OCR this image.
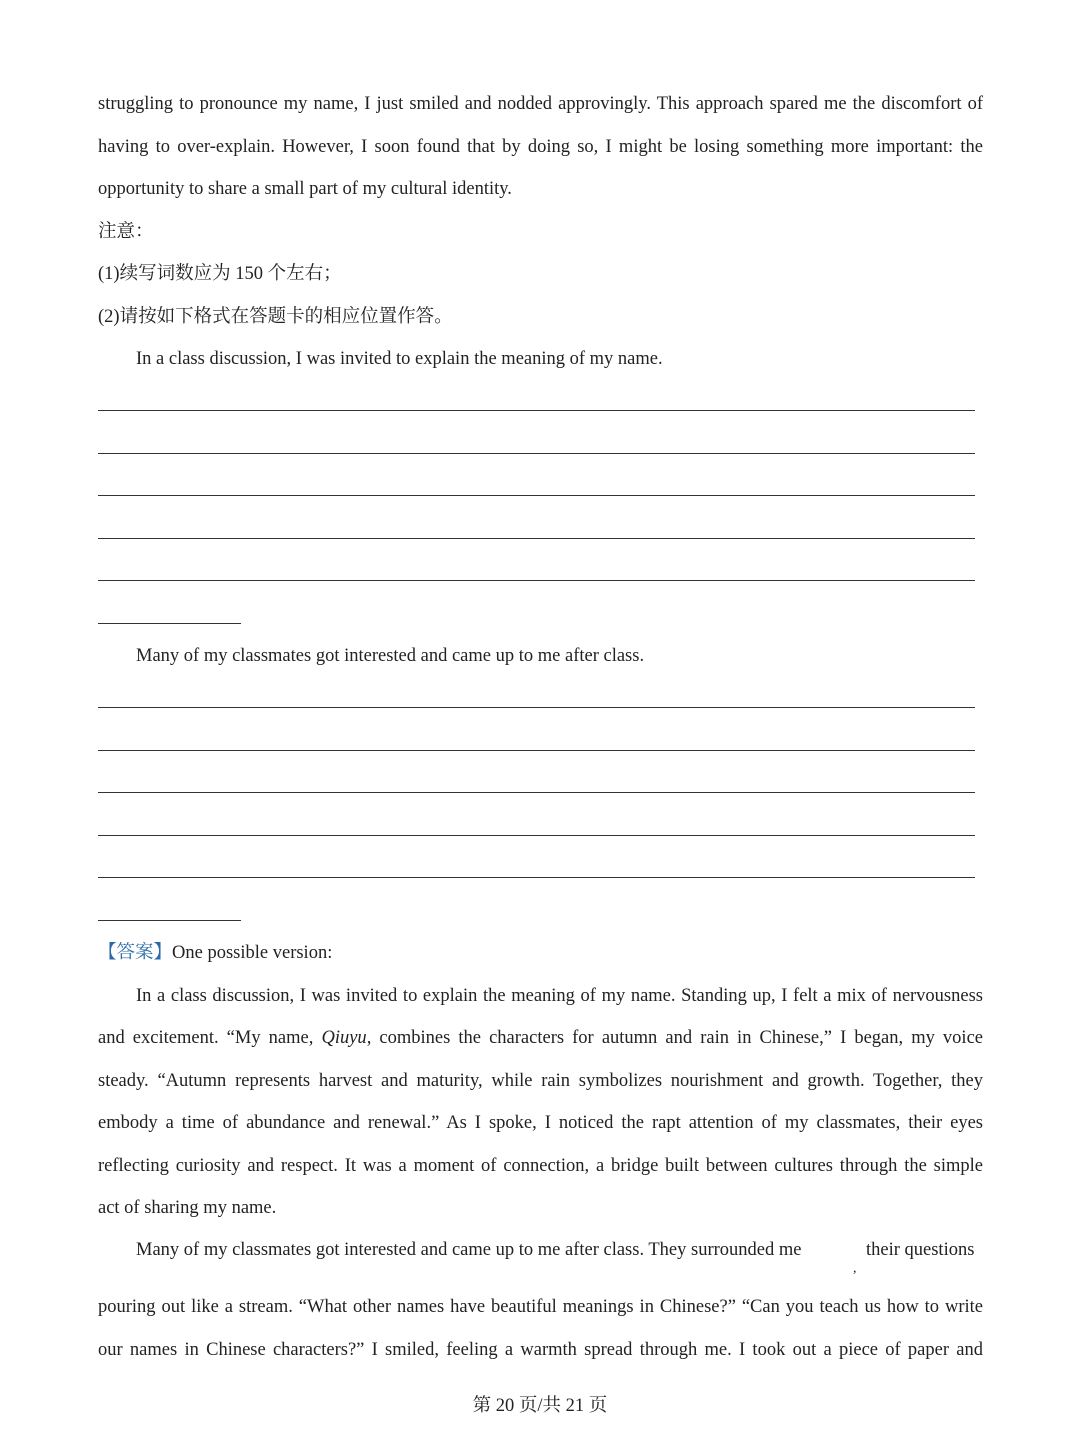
struggling to pronounce my name, I just smiled and nodded approvingly. This approach spared me the discomfort of
having to over-explain. However, I soon found that by doing so, I might be losing something more important: the
opportunity to share a small part of my cultural identity.
注意：
(1)续写词数应为 150 个左右；
(2)请按如下格式在答题卡的相应位置作答。
In a class discussion, I was invited to explain the meaning of my name.
Many of my classmates got interested and came up to me after class.
【答案】One possible version:
In a class discussion, I was invited to explain the meaning of my name. Standing up, I felt a mix of nervousness
and excitement. “My name, Qiuyu, combines the characters for autumn and rain in Chinese,” I began, my voice
steady. “Autumn represents harvest and maturity, while rain symbolizes nourishment and growth. Together, they
embody a time of abundance and renewal.” As I spoke, I noticed the rapt attention of my classmates, their eyes
reflecting curiosity and respect. It was a moment of connection, a bridge built between cultures through the simple
act of sharing my name.
Many of my classmates got interested and came up to me after class. They surrounded me	their questions
,
pouring out like a stream. “What other names have beautiful meanings in Chinese?” “Can you teach us how to write
our names in Chinese characters?” I smiled, feeling a warmth spread through me. I took out a piece of paper and
第 20 页/共 21 页
